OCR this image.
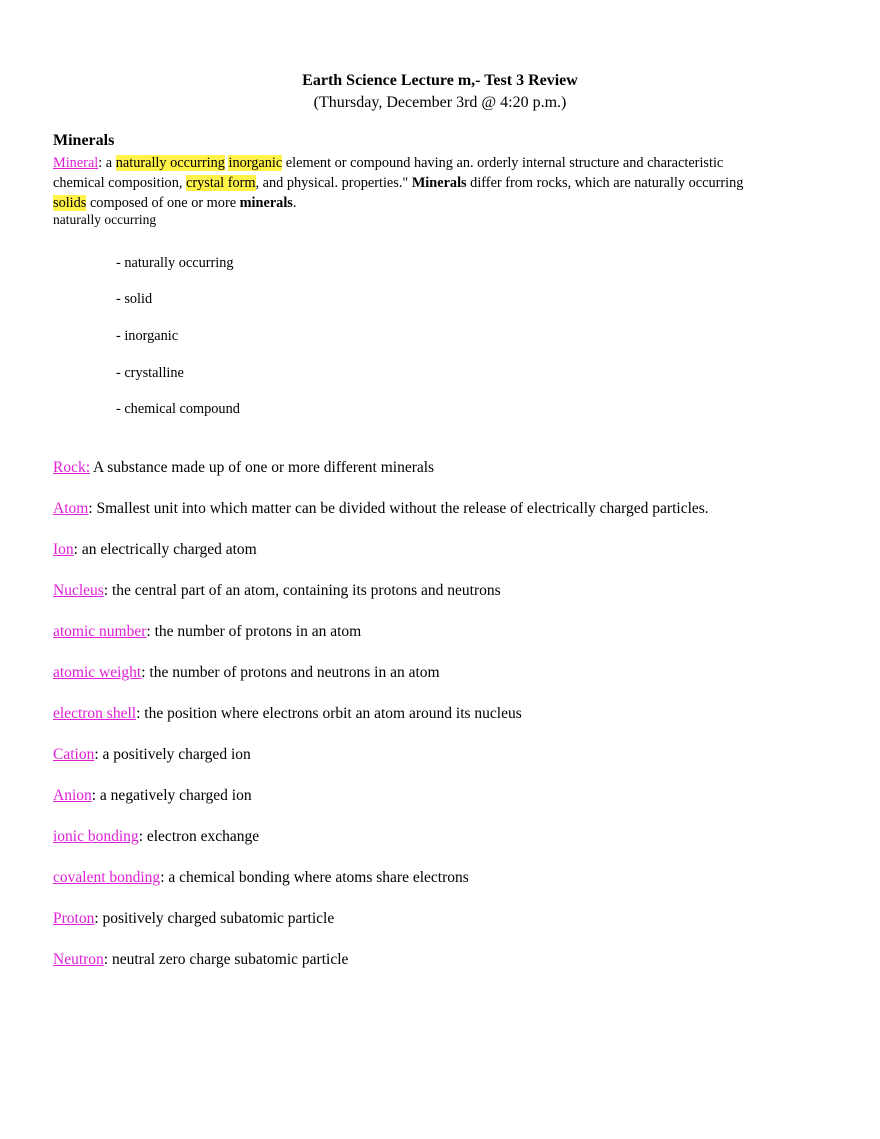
Earth Science Lecture m,- Test 3 Review
(Thursday, December 3rd @ 4:20 p.m.)
Minerals
Mineral: a naturally occurring inorganic element or compound having an. orderly internal structure and characteristic
chemical composition, crystal form, and physical. properties." Minerals differ from rocks, which are naturally occurring
solids composed of one or more minerals.
naturally occurring
- naturally occurring
- solid
- inorganic
- crystalline
- chemical compound
Rock: A substance made up of one or more different minerals
Atom: Smallest unit into which matter can be divided without the release of electrically charged particles.
Ion: an electrically charged atom
Nucleus: the central part of an atom, containing its protons and neutrons
atomic number: the number of protons in an atom
atomic weight: the number of protons and neutrons in an atom
electron shell: the position where electrons orbit an atom around its nucleus
Cation: a positively charged ion
Anion: a negatively charged ion
ionic bonding: electron exchange
covalent bonding: a chemical bonding where atoms share electrons
Proton: positively charged subatomic particle
Neutron: neutral zero charge subatomic particle
